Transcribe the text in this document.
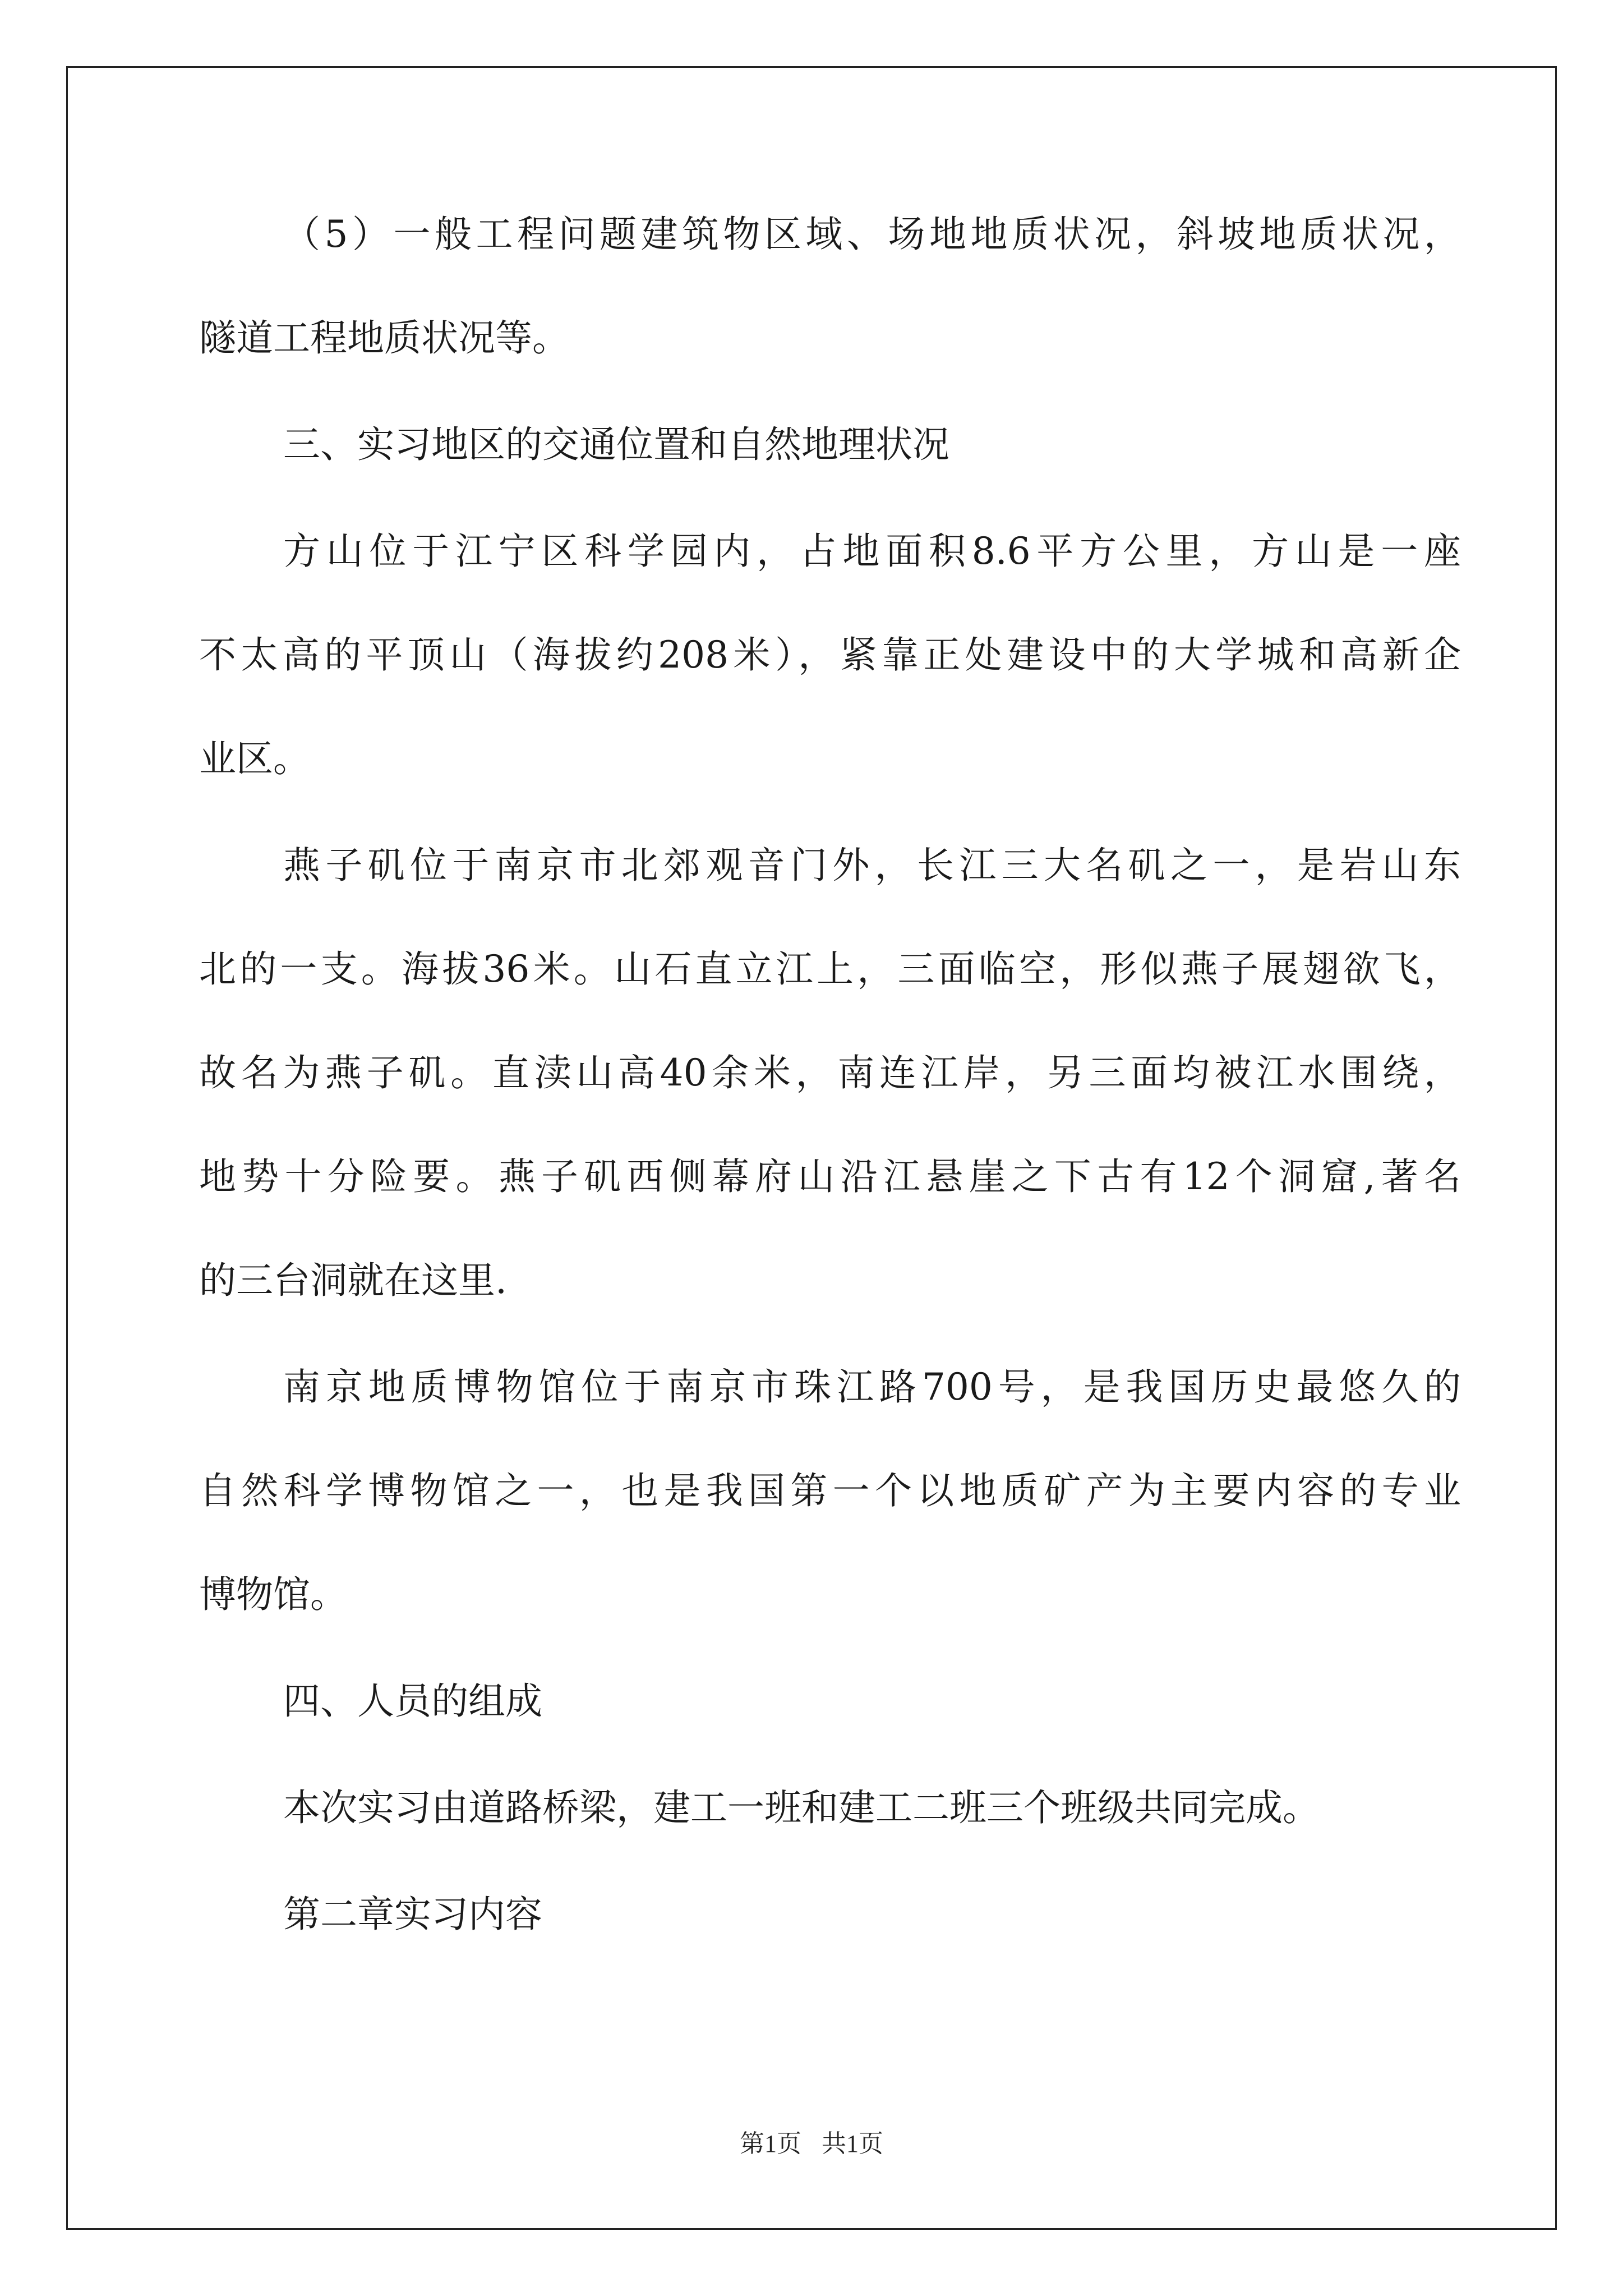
（5）一般工程问题建筑物区域、场地地质状况，斜坡地质状况，
隧道工程地质状况等。
三、实习地区的交通位置和自然地理状况
方山位于江宁区科学园内，占地面积8.6平方公里，方山是一座
不太高的平顶山（海拔约208米），紧靠正处建设中的大学城和高新企
业区。
燕子矶位于南京市北郊观音门外，长江三大名矶之一，是岩山东
北的一支。海拔36米。山石直立江上，三面临空，形似燕子展翅欲飞，
故名为燕子矶。直渎山高40余米，南连江岸，另三面均被江水围绕，
地势十分险要。燕子矶西侧幕府山沿江悬崖之下古有12个洞窟,著名
的三台洞就在这里.
南京地质博物馆位于南京市珠江路700号，是我国历史最悠久的
自然科学博物馆之一，也是我国第一个以地质矿产为主要内容的专业
博物馆。
四、人员的组成
本次实习由道路桥梁，建工一班和建工二班三个班级共同完成。
第二章实习内容
第1页 共1页
